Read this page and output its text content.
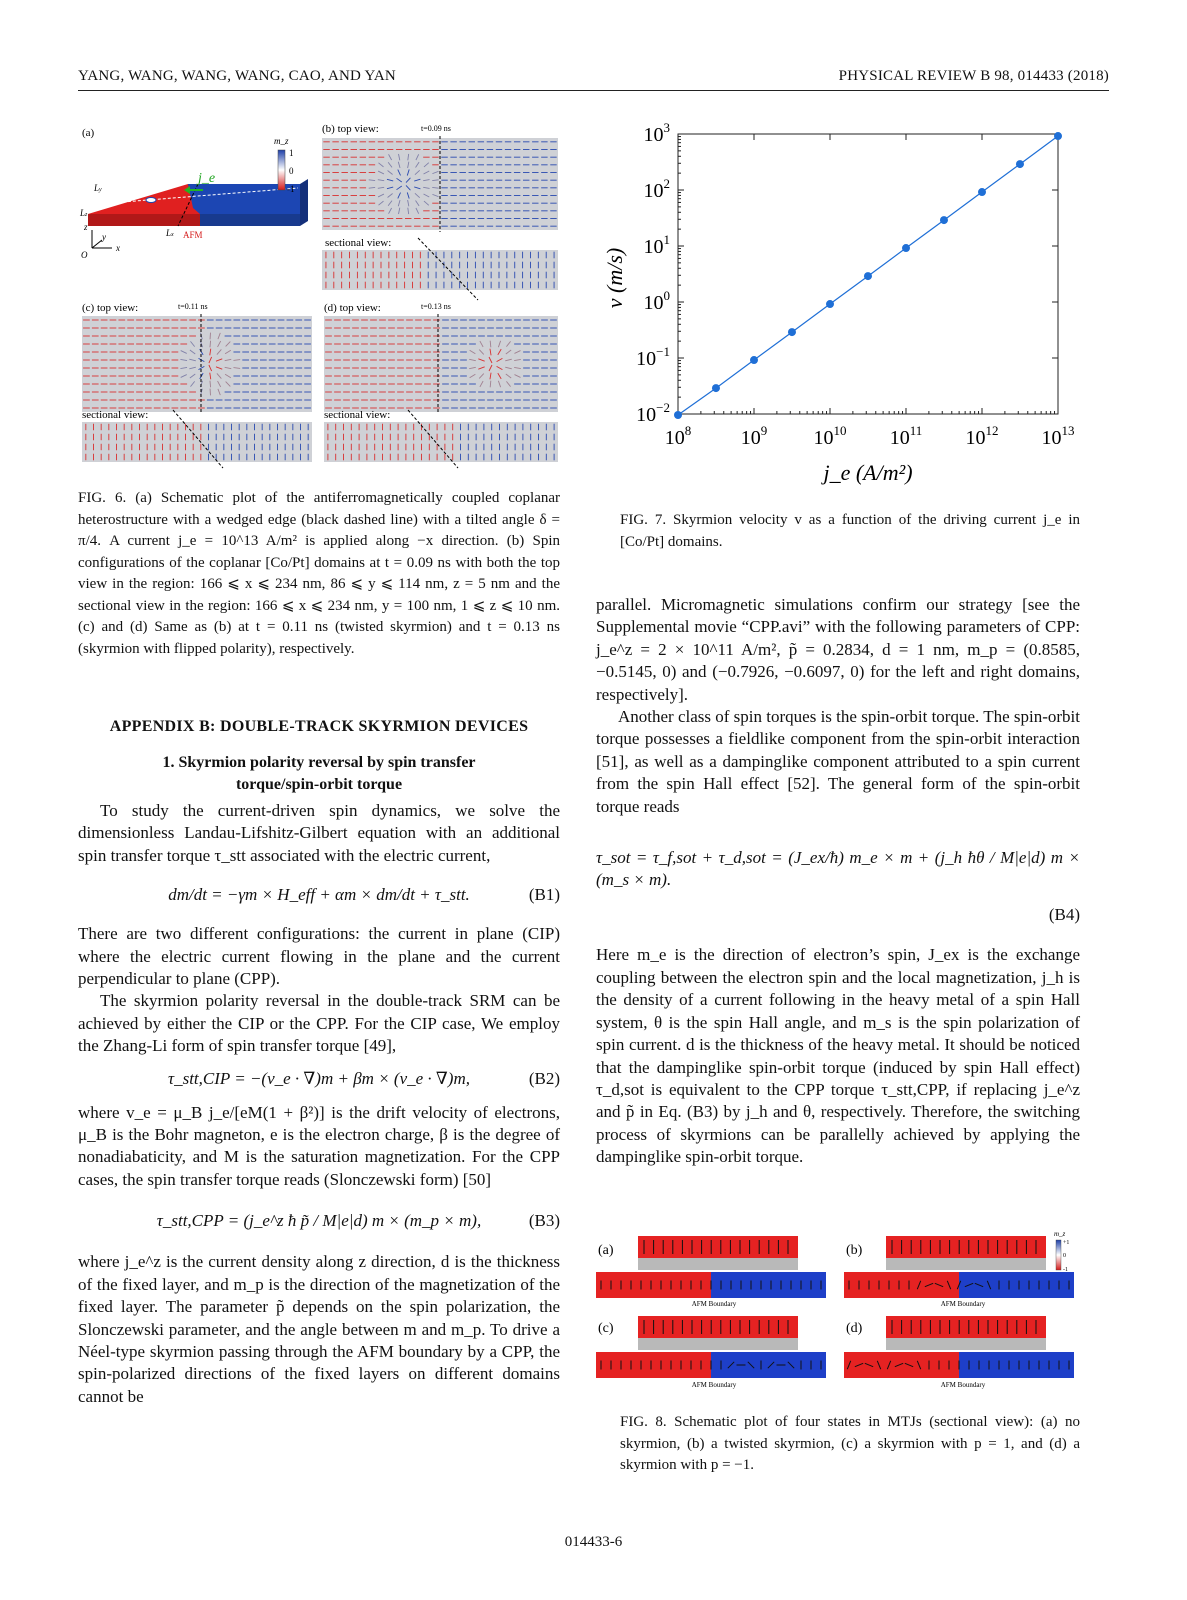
YANG, WANG, WANG, WANG, CAO, AND YAN	PHYSICAL REVIEW B 98, 014433 (2018)
(a)
j_e
AFM
Ly
Lz
Lx
z
y
x
O
m_z
1
0
-1
(b) top view:	t=0.09 ns
sectional view:
(c) top view:	t=0.11 ns
sectional view:
(d) top view:	t=0.13 ns
sectional view:
FIG. 6. (a) Schematic plot of the antiferromagnetically coupled coplanar heterostructure with a wedged edge (black dashed line) with a tilted angle δ = π/4. A current j_e = 10^13 A/m² is applied along −x direction. (b) Spin configurations of the coplanar [Co/Pt] domains at t = 0.09 ns with both the top view in the region: 166 ⩽ x ⩽ 234 nm, 86 ⩽ y ⩽ 114 nm, z = 5 nm and the sectional view in the region: 166 ⩽ x ⩽ 234 nm, y = 100 nm, 1 ⩽ z ⩽ 10 nm. (c) and (d) Same as (b) at t = 0.11 ns (twisted skyrmion) and t = 0.13 ns (skyrmion with flipped polarity), respectively.
APPENDIX B: DOUBLE-TRACK SKYRMION DEVICES
1. Skyrmion polarity reversal by spin transfer
torque/spin-orbit torque

To study the current-driven spin dynamics, we solve the dimensionless Landau-Lifshitz-Gilbert equation with an additional spin transfer torque τ_stt associated with the electric current,

dm/dt = −γm × H_eff + αm × dm/dt + τ_stt.	(B1)

There are two different configurations: the current in plane (CIP) where the electric current flowing in the plane and the current perpendicular to plane (CPP).

The skyrmion polarity reversal in the double-track SRM can be achieved by either the CIP or the CPP. For the CIP case, We employ the Zhang-Li form of spin transfer torque [49],

τ_stt,CIP = −(v_e · ∇)m + βm × (v_e · ∇)m,	(B2)

where v_e = μ_B j_e/[eM(1 + β²)] is the drift velocity of electrons, μ_B is the Bohr magneton, e is the electron charge, β is the degree of nonadiabaticity, and M is the saturation magnetization. For the CPP cases, the spin transfer torque reads (Slonczewski form) [50]

τ_stt,CPP = (j_e^z ħ p̃ / M|e|d) m × (m_p × m),	(B3)

where j_e^z is the current density along z direction, d is the thickness of the fixed layer, and m_p is the direction of the magnetization of the fixed layer. The parameter p̃ depends on the spin polarization, the Slonczewski parameter, and the angle between m and m_p. To drive a Néel-type skyrmion passing through the AFM boundary by a CPP, the spin-polarized directions of the fixed layers on different domains cannot be

$10^8$ $10^9$ $10^{10}$ $10^{11}$ $10^{12}$ $10^{13}$
$10^{-2}$
$10^{-1}$
$10^0$
$10^1$
$10^2$
$10^3$
j_e (A/m²)
v (m/s)
FIG. 7. Skyrmion velocity v as a function of the driving current j_e in [Co/Pt] domains.

parallel. Micromagnetic simulations confirm our strategy [see the Supplemental movie “CPP.avi” with the following parameters of CPP: j_e^z = 2 × 10^11 A/m², p̃ = 0.2834, d = 1 nm, m_p = (0.8585, −0.5145, 0) and (−0.7926, −0.6097, 0) for the left and right domains, respectively].

Another class of spin torques is the spin-orbit torque. The spin-orbit torque possesses a fieldlike component from the spin-orbit interaction [51], as well as a dampinglike component attributed to a spin current from the spin Hall effect [52]. The general form of the spin-orbit torque reads

τ_sot = τ_f,sot + τ_d,sot = (J_ex/ħ) m_e × m + (j_h ħθ / M|e|d) m × (m_s × m).
(B4)

Here m_e is the direction of electron’s spin, J_ex is the exchange coupling between the electron spin and the local magnetization, j_h is the density of a current following in the heavy metal of a spin Hall system, θ is the spin Hall angle, and m_s is the spin polarization of spin current. d is the thickness of the heavy metal. It should be noticed that the dampinglike spin-orbit torque (induced by spin Hall effect) τ_d,sot is equivalent to the CPP torque τ_stt,CPP, if replacing j_e^z and p̃ in Eq. (B3) by j_h and θ, respectively. Therefore, the switching process of skyrmions can be parallelly achieved by applying the dampinglike spin-orbit torque.

(a)	(b)
(c)	(d)
AFM Boundary	AFM Boundary
AFM Boundary	AFM Boundary
m_z
+1
0
-1
FIG. 8. Schematic plot of four states in MTJs (sectional view): (a) no skyrmion, (b) a twisted skyrmion, (c) a skyrmion with p = 1, and (d) a skyrmion with p = −1.
014433-6
